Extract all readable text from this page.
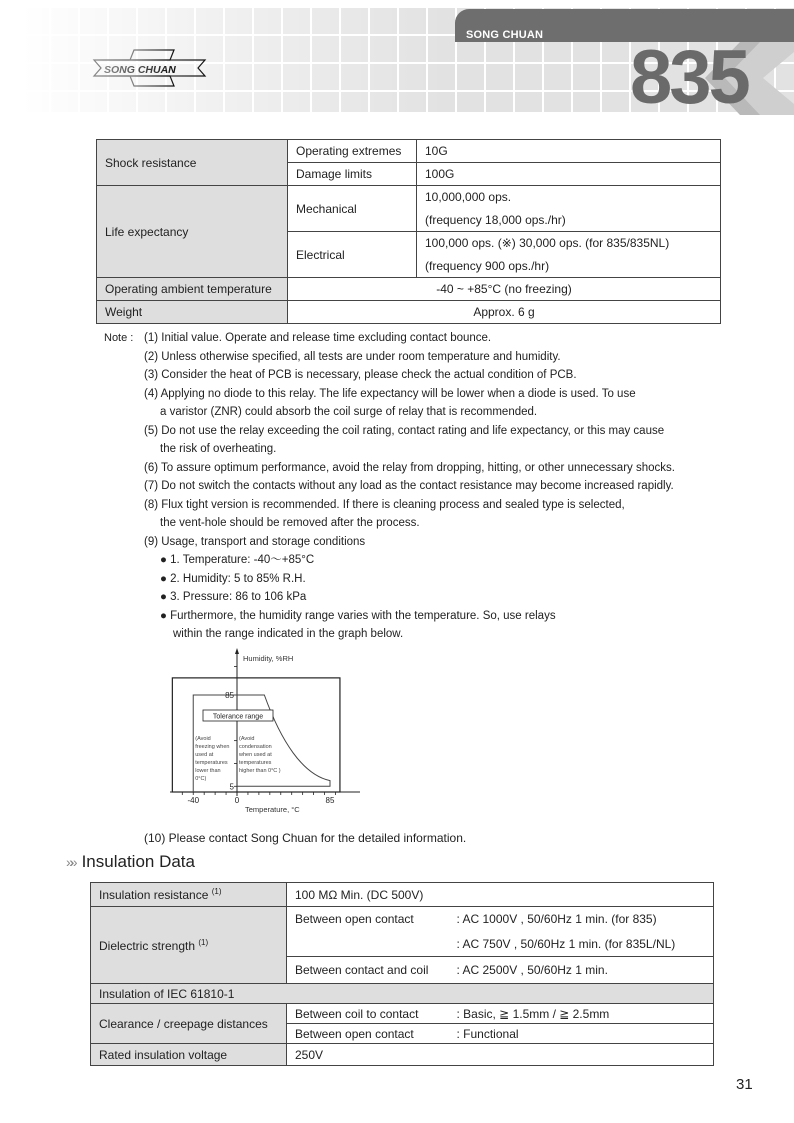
SONG CHUAN
SONG CHUAN 835
Shock resistance	Operating extremes	10G
	Damage limits	100G
Life expectancy	Mechanical	10,000,000 ops.
		(frequency 18,000 ops./hr)
	Electrical	100,000 ops. (※) 30,000 ops. (for 835/835NL)
		(frequency 900 ops./hr)
Operating ambient temperature	-40 ~ +85°C (no freezing)	
Weight	Approx. 6 g	
Note : (1) Initial value. Operate and release time excluding contact bounce.
(2) Unless otherwise specified, all tests are under room temperature and humidity.
(3) Consider the heat of PCB is necessary, please check the actual condition of PCB.
(4) Applying no diode to this relay. The life expectancy will be lower when a diode is used. To use
a varistor (ZNR) could absorb the coil surge of relay that is recommended.
(5) Do not use the relay exceeding the coil rating, contact rating and life expectancy, or this may cause
the risk of overheating.
(6) To assure optimum performance, avoid the relay from dropping, hitting, or other unnecessary shocks.
(7) Do not switch the contacts without any load as the contact resistance may become increased rapidly.
(8) Flux tight version is recommended. If there is cleaning process and sealed type is selected,
the vent-hole should be removed after the process.
(9) Usage, transport and storage conditions
● 1. Temperature: -40～+85°C
● 2. Humidity: 5 to 85% R.H.
● 3. Pressure: 86 to 106 kPa
● Furthermore, the humidity range varies with the temperature. So, use relays
within the range indicated in the graph below.
Humidity, %RH
Temperature, °C
-40	0	85
5
85
Tolerance range
(Avoid
freezing when
used at
temperatures
lower than
0°C)
(Avoid
condensation
when used at
temperatures
higher than 0°C )
(10) Please contact Song Chuan for the detailed information.
»» Insulation Data
Insulation resistance $^{(1)}$	100 MΩ Min. (DC 500V)	
Dielectric strength $^{(1)}$	Between open contact	: AC 1000V , 50/60Hz 1 min. (for 835)
		: AC 750V , 50/60Hz 1 min. (for 835L/NL)
	Between contact and coil	: AC 2500V , 50/60Hz 1 min.
Insulation of IEC 61810-1		
Clearance / creepage distances	Between coil to contact	: Basic, ≧ 1.5mm / ≧ 2.5mm
	Between open contact	: Functional
Rated insulation voltage	250V	
31
